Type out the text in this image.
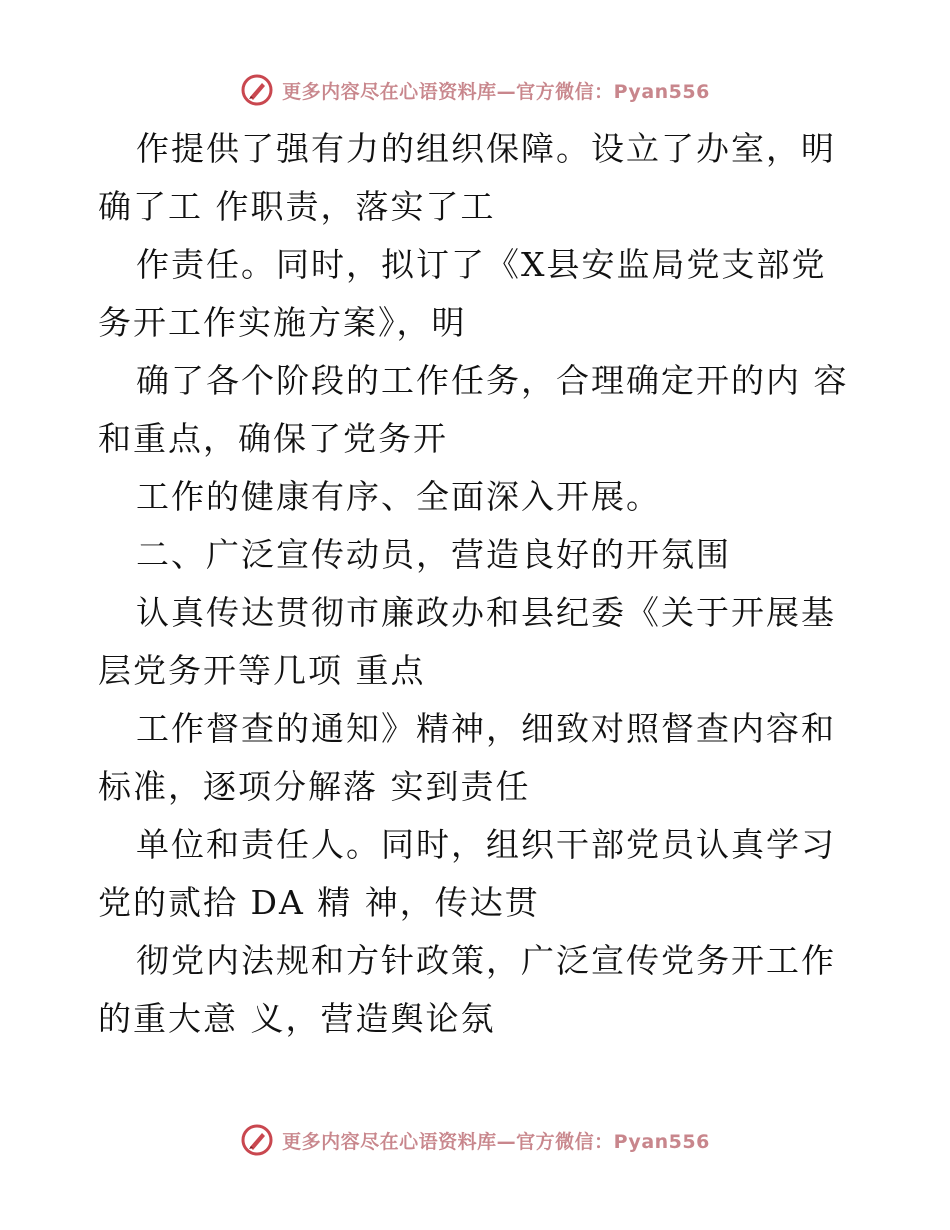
更多内容尽在心语资料库—官方微信：Pyan556

作提供了强有力的组织保障。设立了办室，明确了工 作职责，落实了工

作责任。同时，拟订了《X县安监局党支部党务开工作实施方案》，明

确了各个阶段的工作任务，合理确定开的内 容和重点，确保了党务开

工作的健康有序、全面深入开展。

二、广泛宣传动员，营造良好的开氛围

认真传达贯彻市廉政办和县纪委《关于开展基层党务开等几项 重点

工作督查的通知》精神，细致对照督查内容和标准，逐项分解落 实到责任

单位和责任人。同时，组织干部党员认真学习党的贰拾 DA 精 神，传达贯

彻党内法规和方针政策，广泛宣传党务开工作的重大意 义，营造舆论氛

更多内容尽在心语资料库—官方微信：Pyan556
